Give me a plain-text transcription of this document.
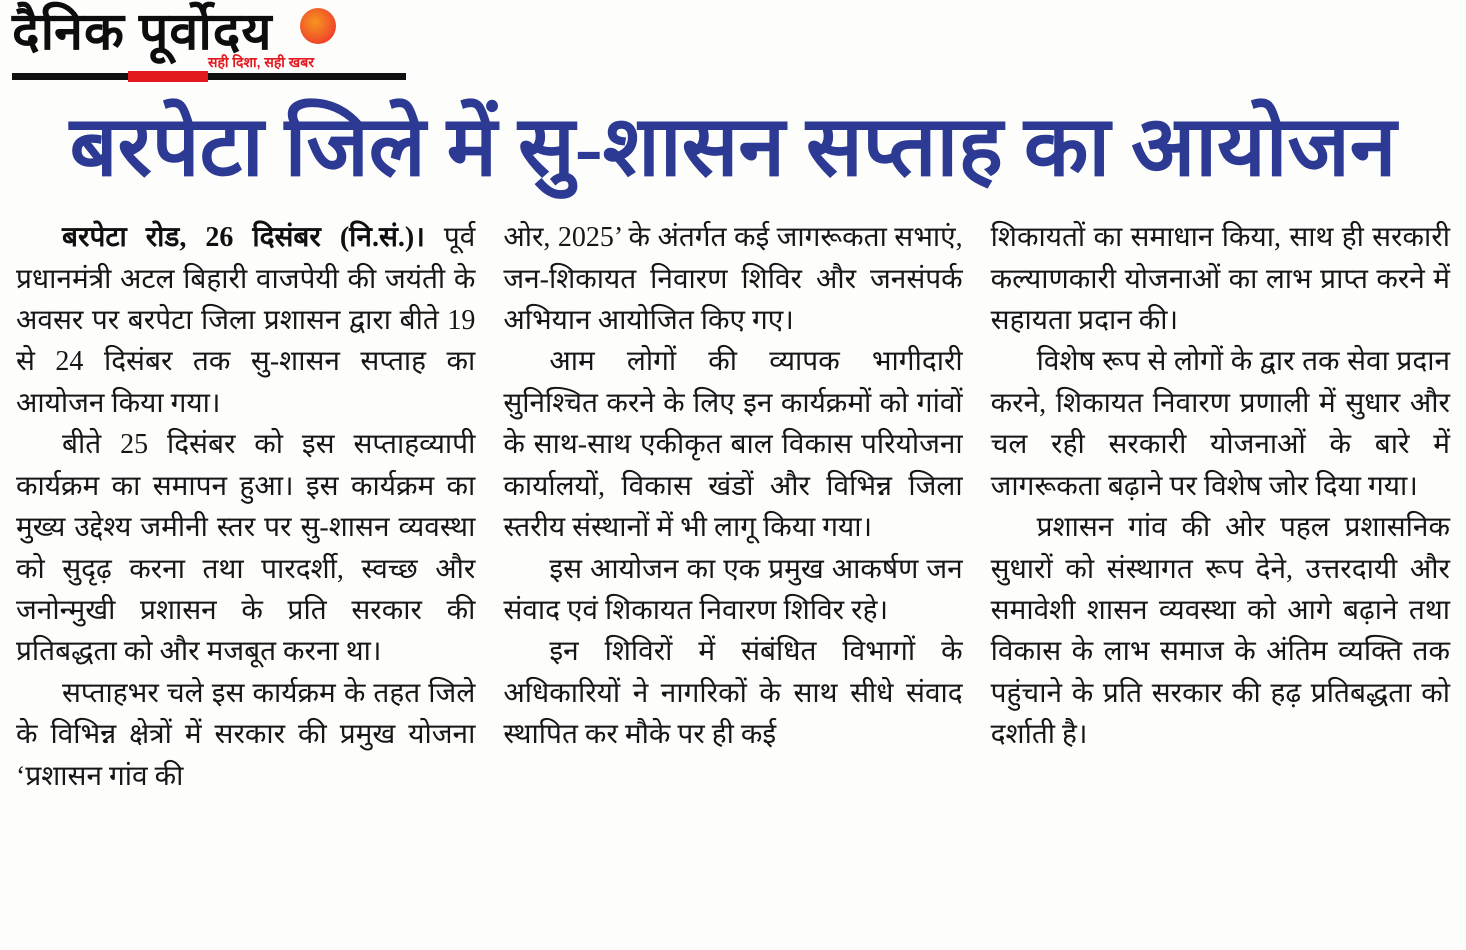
दैनिक पूर्वोदय
सही दिशा, सही खबर
बरपेटा जिले में सु-शासन सप्ताह का आयोजन

बरपेटा रोड, 26 दिसंबर (नि.सं.)। पूर्व प्रधानमंत्री अटल बिहारी वाजपेयी की जयंती के अवसर पर बरपेटा जिला प्रशासन द्वारा बीते 19 से 24 दिसंबर तक सु-शासन सप्ताह का आयोजन किया गया।

बीते 25 दिसंबर को इस सप्ताहव्यापी कार्यक्रम का समापन हुआ। इस कार्यक्रम का मुख्य उद्देश्य जमीनी स्तर पर सु-शासन व्यवस्था को सुदृढ़ करना तथा पारदर्शी, स्वच्छ और जनोन्मुखी प्रशासन के प्रति सरकार की प्रतिबद्धता को और मजबूत करना था।

सप्ताहभर चले इस कार्यक्रम के तहत जिले के विभिन्न क्षेत्रों में सरकार की प्रमुख योजना ‘प्रशासन गांव की

ओर, 2025’ के अंतर्गत कई जागरूकता सभाएं, जन-शिकायत निवारण शिविर और जनसंपर्क अभियान आयोजित किए गए।

आम लोगों की व्यापक भागीदारी सुनिश्चित करने के लिए इन कार्यक्रमों को गांवों के साथ-साथ एकीकृत बाल विकास परियोजना कार्यालयों, विकास खंडों और विभिन्न जिला स्तरीय संस्थानों में भी लागू किया गया।

इस आयोजन का एक प्रमुख आकर्षण जन संवाद एवं शिकायत निवारण शिविर रहे।

इन शिविरों में संबंधित विभागों के अधिकारियों ने नागरिकों के साथ सीधे संवाद स्थापित कर मौके पर ही कई

शिकायतों का समाधान किया, साथ ही सरकारी कल्याणकारी योजनाओं का लाभ प्राप्त करने में सहायता प्रदान की।

विशेष रूप से लोगों के द्वार तक सेवा प्रदान करने, शिकायत निवारण प्रणाली में सुधार और चल रही सरकारी योजनाओं के बारे में जागरूकता बढ़ाने पर विशेष जोर दिया गया।

प्रशासन गांव की ओर पहल प्रशासनिक सुधारों को संस्थागत रूप देने, उत्तरदायी और समावेशी शासन व्यवस्था को आगे बढ़ाने तथा विकास के लाभ समाज के अंतिम व्यक्ति तक पहुंचाने के प्रति सरकार की हढ़ प्रतिबद्धता को दर्शाती है।
